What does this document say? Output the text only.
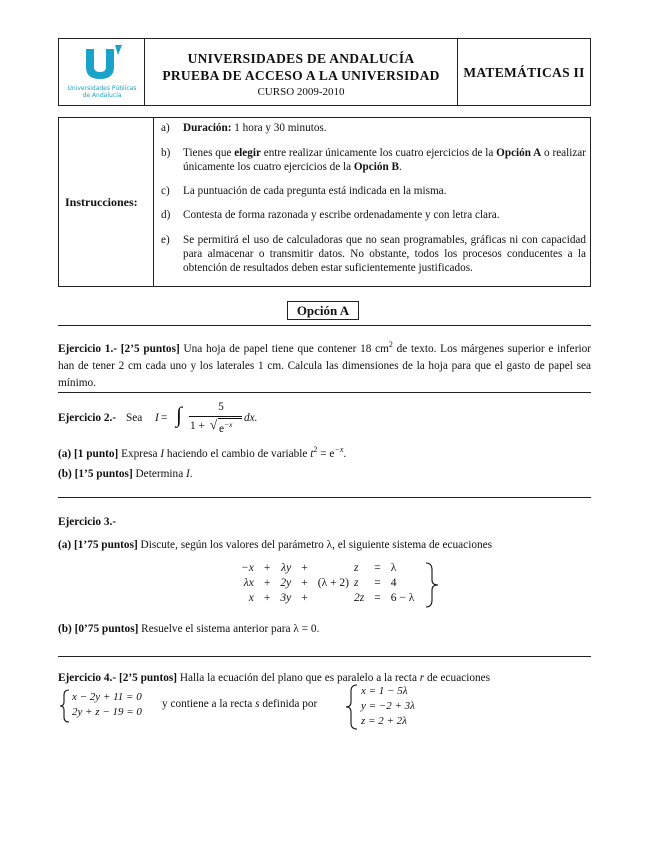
Universidades Públicas
de Andalucía
UNIVERSIDADES DE ANDALUCÍA
PRUEBA DE ACCESO A LA UNIVERSIDAD
CURSO 2009-2010
MATEMÁTICAS II
Instrucciones:
a) Duración: 1 hora y 30 minutos.
b) Tienes que elegir entre realizar únicamente los cuatro ejercicios de la Opción A o realizar únicamente los cuatro ejercicios de la Opción B.
c) La puntuación de cada pregunta está indicada en la misma.
d) Contesta de forma razonada y escribe ordenadamente y con letra clara.
e) Se permitirá el uso de calculadoras que no sean programables, gráficas ni con capacidad para almacenar o transmitir datos. No obstante, todos los procesos conducentes a la obtención de resultados deben estar suficientemente justificados.
Opción A
Ejercicio 1.- [2’5 puntos] Una hoja de papel tiene que contener 18 $cm^2$ de texto. Los márgenes superior e inferior han de tener 2 cm cada uno y los laterales 1 cm. Calcula las dimensiones de la hoja para que el gasto de papel sea mínimo.
Ejercicio 2.- Sea I = ∫	5
1 + √ $e^{-x}$
dx.
(a) [1 punto] Expresa I haciendo el cambio de variable $t^2 = e^{-x}$.
(b) [1’5 puntos] Determina I.
Ejercicio 3.-
(a) [1’75 puntos] Discute, según los valores del parámetro λ, el siguiente sistema de ecuaciones
−x	+	λy	+		z	=	λ
λx	+	2y	+	(λ + 2)	z	=	4
x	+	3y	+		2z	=	6 − λ
(b) [0’75 puntos] Resuelve el sistema anterior para λ = 0.
Ejercicio 4.- [2’5 puntos] Halla la ecuación del plano que es paralelo a la recta r de ecuaciones
x − 2y + 11 = 0
2y + z − 19 = 0
y contiene a la recta s definida por
x = 1 − 5λ
y = −2 + 3λ
z = 2 + 2λ
